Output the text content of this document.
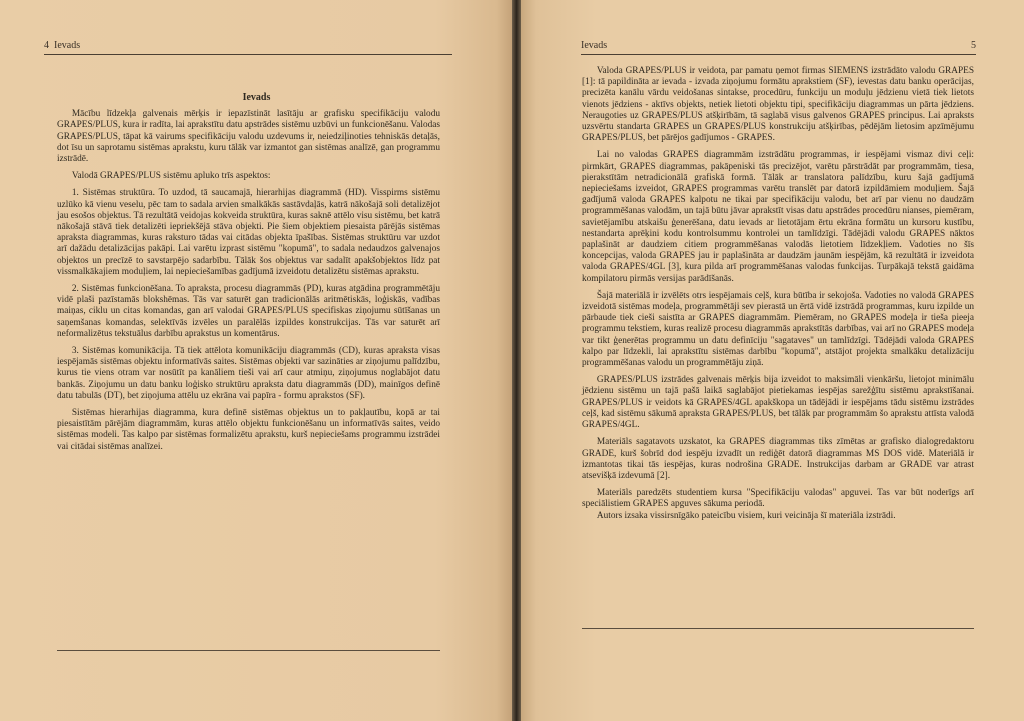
4 Ievads

Ievads

Mācību līdzekļa galvenais mērķis ir iepazīstināt lasītāju ar grafisku specifikāciju valodu GRAPES/PLUS, kura ir radīta, lai aprakstītu datu apstrādes sistēmu uzbūvi un funkcionēšanu. Valodas GRAPES/PLUS, tāpat kā vairums specifikāciju valodu uzdevums ir, neiedziļinoties tehniskās detaļās, dot īsu un saprotamu sistēmas aprakstu, kuru tālāk var izmantot gan sistēmas analīzē, gan programmu izstrādē.

Valodā GRAPES/PLUS sistēmu apluko trīs aspektos:

1. Sistēmas struktūra. To uzdod, tā saucamajā, hierarhijas diagrammā (HD). Visspirms sistēmu uzlūko kā vienu veselu, pēc tam to sadala arvien smalkākās sastāvdaļās, katrā nākošajā soli detalizējot jau esošos objektus. Tā rezultātā veidojas kokveida struktūra, kuras saknē attēlo visu sistēmu, bet katrā nākošajā stāvā tiek detalizēti iepriekšējā stāva objekti. Pie šiem objektiem piesaista pārējās sistēmas apraksta diagrammas, kuras raksturo tādas vai citādas objekta īpašības. Sistēmas struktūru var uzdot arī dažādu detalizācijas pakāpi. Lai varētu izprast sistēmu "kopumā", to sadala nedaudzos galvenajos objektos un precīzē to savstarpējo sadarbību. Tālāk šos objektus var sadalīt apakšobjektos līdz pat vissmalkākajiem moduļiem, lai nepieciešamības gadījumā izveidotu detalizētu sistēmas aprakstu.

2. Sistēmas funkcionēšana. To apraksta, procesu diagrammās (PD), kuras atgādina programmētāju vidē plaši pazīstamās blokshēmas. Tās var saturēt gan tradicionālās aritmētiskās, loģiskās, vadības maiņas, ciklu un citas komandas, gan arī valodai GRAPES/PLUS specifiskas ziņojumu sūtīšanas un saņemšanas komandas, selektīvās izvēles un paralēlās izpildes konstrukcijas. Tās var saturēt arī neformalizētus tekstuālus darbību aprakstus un komentārus.

3. Sistēmas komunikācija. Tā tiek attēlota komunikāciju diagrammās (CD), kuras apraksta visas iespējamās sistēmas objektu informatīvās saites. Sistēmas objekti var sazināties ar ziņojumu palīdzību, kurus tie viens otram var nosūtīt pa kanāliem tieši vai arī caur atmiņu, ziņojumus noglabājot datu bankās. Ziņojumu un datu banku loģisko struktūru apraksta datu diagrammās (DD), mainīgos definē datu tabulās (DT), bet ziņojuma attēlu uz ekrāna vai papīra - formu aprakstos (SF).

Sistēmas hierarhijas diagramma, kura definē sistēmas objektus un to pakļautību, kopā ar tai piesaistītām pārējām diagrammām, kuras attēlo objektu funkcionēšanu un informatīvās saites, veido sistēmas modeli. Tas kalpo par sistēmas formalizētu aprakstu, kurš nepieciešams programmu izstrādei vai citādai sistēmas analīzei.

Ievads	5

Valoda GRAPES/PLUS ir veidota, par pamatu ņemot firmas SIEMENS izstrādāto valodu GRAPES [1]: tā papildināta ar ievada - izvada ziņojumu formātu aprakstiem (SF), ievestas datu banku operācijas, precizēta kanālu vārdu veidošanas sintakse, procedūru, funkciju un moduļu jēdzienu vietā tiek lietots vienots jēdziens - aktīvs objekts, netiek lietoti objektu tipi, specifikāciju diagrammas un pārta jēdziens. Neraugoties uz GRAPES/PLUS atšķirībām, tā saglabā visus galvenos GRAPES principus. Lai apraksts uzsvērtu standarta GRAPES un GRAPES/PLUS konstrukciju atšķirības, pēdējām lietosim apzīmējumu GRAPES/PLUS, bet pārējos gadījumos - GRAPES.

Lai no valodas GRAPES diagrammām izstrādātu programmas, ir iespējami vismaz divi ceļi: pirmkārt, GRAPES diagrammas, pakāpeniski tās precizējot, varētu pārstrādāt par programmām, tiesa, pierakstītām netradicionālā grafiskā formā. Tālāk ar translatora palīdzību, kuru šajā gadījumā nepieciešams izveidot, GRAPES programmas varētu translēt par datorā izpildāmiem moduļiem. Šajā gadījumā valoda GRAPES kalpotu ne tikai par specifikāciju valodu, bet arī par vienu no daudzām programmēšanas valodām, un tajā būtu jāvar aprakstīt visas datu apstrādes procedūru nianses, piemēram, savietējamību atskaišu ģenerēšana, datu ievads ar lietotājam ērtu ekrāna formātu un kursoru kustību, nestandarta aprēķini kodu kontrolsummu kontrolei un tamlīdzīgi. Tādējādi valodu GRAPES nāktos paplašināt ar daudziem citiem programmēšanas valodās lietotiem līdzekļiem. Vadoties no šīs koncepcijas, valoda GRAPES jau ir paplašināta ar daudzām jaunām iespējām, kā rezultātā ir izveidota valoda GRAPES/4GL [3], kura pilda arī programmēšanas valodas funkcijas. Turpākajā tekstā gaidāma kompilatoru pirmās versijas parādīšanās.

Šajā materiālā ir izvēlēts otrs iespējamais ceļš, kura būtība ir sekojoša. Vadoties no valodā GRAPES izveidotā sistēmas modeļa, programmētāji sev pierastā un ērtā vidē izstrādā programmas, kuru izpilde un pārbaude tiek cieši saistīta ar GRAPES diagrammām. Piemēram, no GRAPES modeļa ir tieša pieeja programmu tekstiem, kuras realizē procesu diagrammās aprakstītās darbības, vai arī no GRAPES modeļa var tikt ģenerētas programmu un datu definīciju "sagataves" un tamlīdzīgi. Tādējādi valoda GRAPES kalpo par līdzekli, lai aprakstītu sistēmas darbību "kopumā", atstājot projekta smalkāku detalizāciju programmēšanas valodu un programmētāju ziņā.

GRAPES/PLUS izstrādes galvenais mērķis bija izveidot to maksimāli vienkāršu, lietojot minimālu jēdzienu sistēmu un tajā pašā laikā saglabājot pietiekamas iespējas sarežģītu sistēmu aprakstīšanai. GRAPES/PLUS ir veidots kā GRAPES/4GL apakškopa un tādējādi ir iespējams tādu sistēmu izstrādes ceļš, kad sistēmu sākumā apraksta GRAPES/PLUS, bet tālāk par programmām šo aprakstu attīsta valodā GRAPES/4GL.

Materiāls sagatavots uzskatot, ka GRAPES diagrammas tiks zīmētas ar grafisko dialogredaktoru GRADE, kurš šobrīd dod iespēju izvadīt un rediģēt datorā diagrammas MS DOS vidē. Materiālā ir izmantotas tikai tās iespējas, kuras nodrošina GRADE. Instrukcijas darbam ar GRADE var atrast atsevišķā izdevumā [2].

Materiāls paredzēts studentiem kursa "Specifikāciju valodas" apguvei. Tas var būt noderīgs arī speciālistiem GRAPES apguves sākuma periodā.

Autors izsaka vissirsnīgāko pateicību visiem, kuri veicināja šī materiāla izstrādi.
